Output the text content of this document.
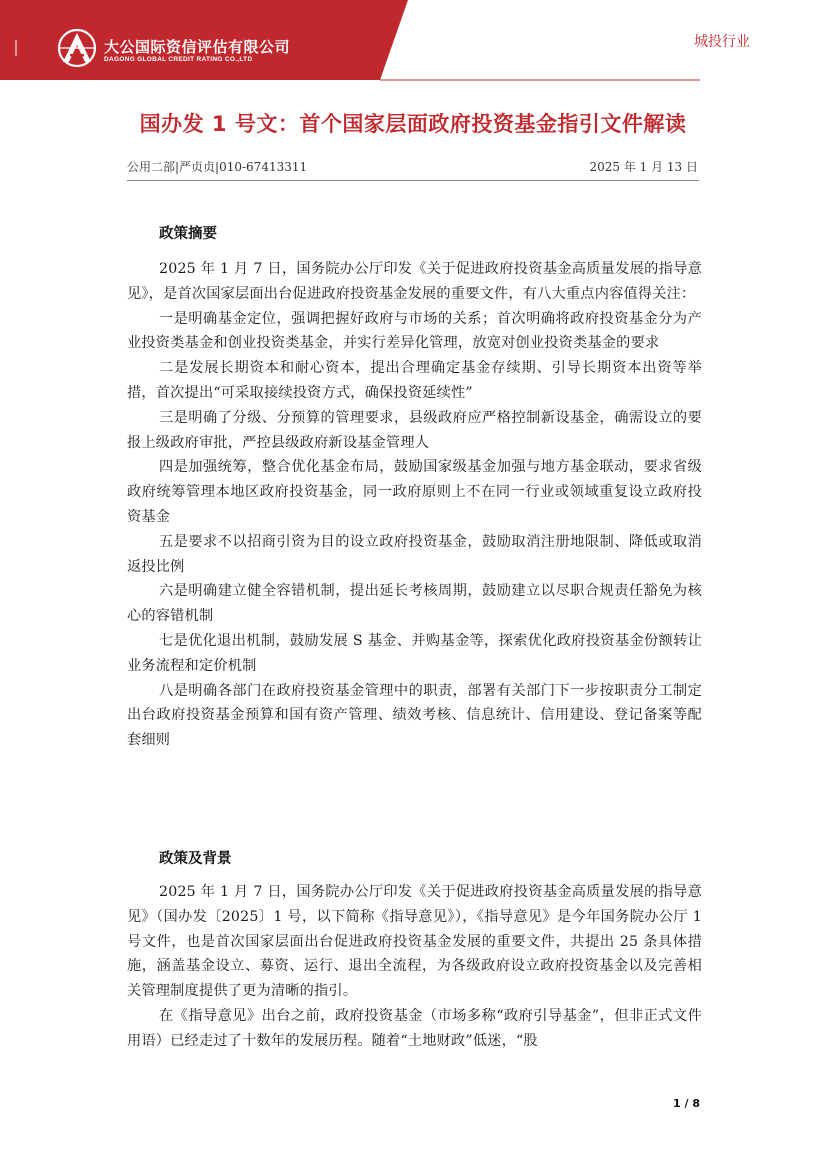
大公国际资信评估有限公司
DAGONG GLOBAL CREDIT RATING CO.,LTD
城投行业
国办发 1 号文：首个国家层面政府投资基金指引文件解读
公用二部|严贞贞|010-67413311	2025 年 1 月 13 日
政策摘要

2025 年 1 月 7 日，国务院办公厅印发《关于促进政府投资基金高质量发展的指导意见》，是首次国家层面出台促进政府投资基金发展的重要文件，有八大重点内容值得关注：

一是明确基金定位，强调把握好政府与市场的关系；首次明确将政府投资基金分为产业投资类基金和创业投资类基金，并实行差异化管理，放宽对创业投资类基金的要求

二是发展长期资本和耐心资本，提出合理确定基金存续期、引导长期资本出资等举措，首次提出“可采取接续投资方式，确保投资延续性”

三是明确了分级、分预算的管理要求，县级政府应严格控制新设基金，确需设立的要报上级政府审批，严控县级政府新设基金管理人

四是加强统筹，整合优化基金布局，鼓励国家级基金加强与地方基金联动，要求省级政府统筹管理本地区政府投资基金，同一政府原则上不在同一行业或领域重复设立政府投资基金

五是要求不以招商引资为目的设立政府投资基金，鼓励取消注册地限制、降低或取消返投比例

六是明确建立健全容错机制，提出延长考核周期，鼓励建立以尽职合规责任豁免为核心的容错机制

七是优化退出机制，鼓励发展 S 基金、并购基金等，探索优化政府投资基金份额转让业务流程和定价机制

八是明确各部门在政府投资基金管理中的职责，部署有关部门下一步按职责分工制定出台政府投资基金预算和国有资产管理、绩效考核、信息统计、信用建设、登记备案等配套细则

政策及背景

2025 年 1 月 7 日，国务院办公厅印发《关于促进政府投资基金高质量发展的指导意见》（国办发〔2025〕1 号，以下简称《指导意见》），《指导意见》是今年国务院办公厅 1 号文件，也是首次国家层面出台促进政府投资基金发展的重要文件，共提出 25 条具体措施，涵盖基金设立、募资、运行、退出全流程，为各级政府设立政府投资基金以及完善相关管理制度提供了更为清晰的指引。

在《指导意见》出台之前，政府投资基金（市场多称“政府引导基金”，但非正式文件用语）已经走过了十数年的发展历程。随着“土地财政”低迷，“股

1 / 8
